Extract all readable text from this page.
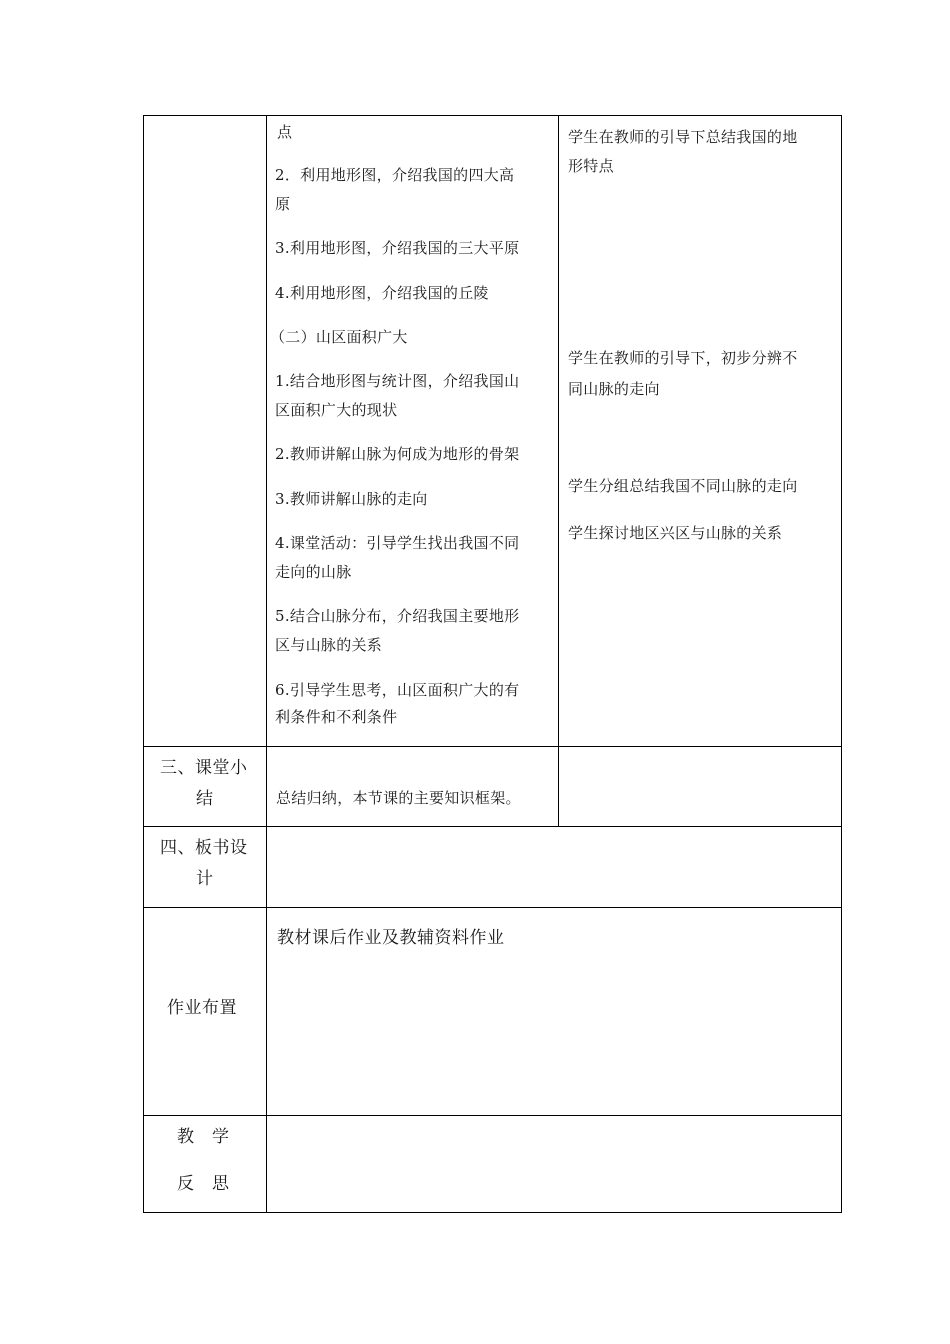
点
2．利用地形图，介绍我国的四大高
原
3.利用地形图，介绍我国的三大平原
4.利用地形图，介绍我国的丘陵
（二）山区面积广大
1.结合地形图与统计图，介绍我国山
区面积广大的现状
2.教师讲解山脉为何成为地形的骨架
3.教师讲解山脉的走向
4.课堂活动：引导学生找出我国不同
走向的山脉
5.结合山脉分布，介绍我国主要地形
区与山脉的关系
6.引导学生思考，山区面积广大的有
利条件和不利条件
学生在教师的引导下总结我国的地
形特点
学生在教师的引导下，初步分辨不
同山脉的走向
学生分组总结我国不同山脉的走向
学生探讨地区兴区与山脉的关系
三、课堂小
结	总结归纳，本节课的主要知识框架。
四、板书设
计
作业布置
教材课后作业及教辅资料作业
教　学
反　思
